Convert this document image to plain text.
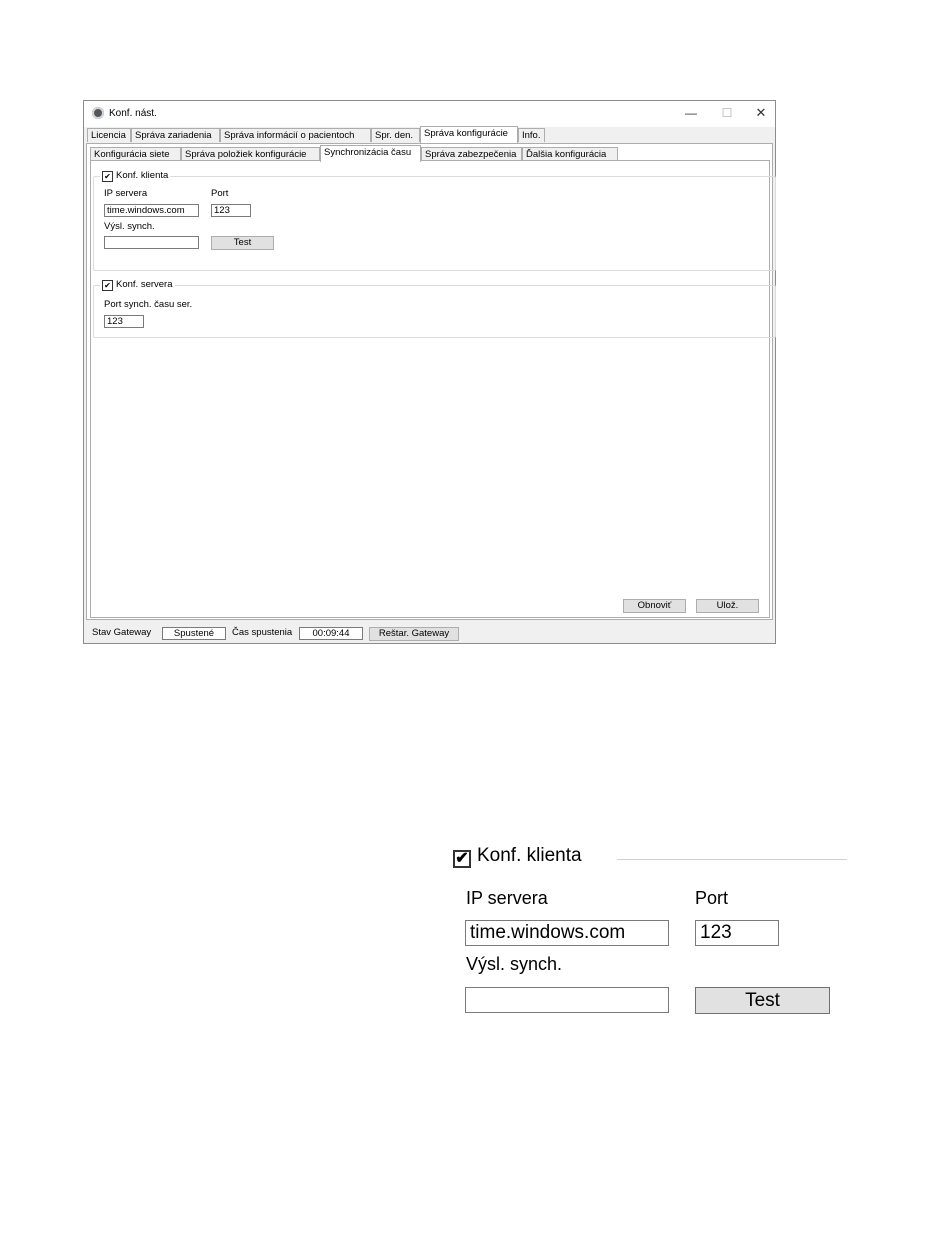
Konf. nást.	—	☐	✕
Licencia Správa zariadenia	Správa informácií o pacientoch	Spr. den.	Správa konfigurácie	Info.
Konfigurácia siete	Správa položiek konfigurácie	Synchronizácia času	Správa zabezpečenia	Ďalšia konfigurácia
✔ Konf. klienta
IP servera	Port
time.windows.com	123
Výsl. synch.
Test
✔ Konf. servera
Port synch. času ser.
123
Obnoviť	Ulož.
Stav Gateway	Spustené	Čas spustenia	00:09:44	Reštar. Gateway
✔ Konf. klienta
IP servera	Port
time.windows.com	123
Výsl. synch.
Test
